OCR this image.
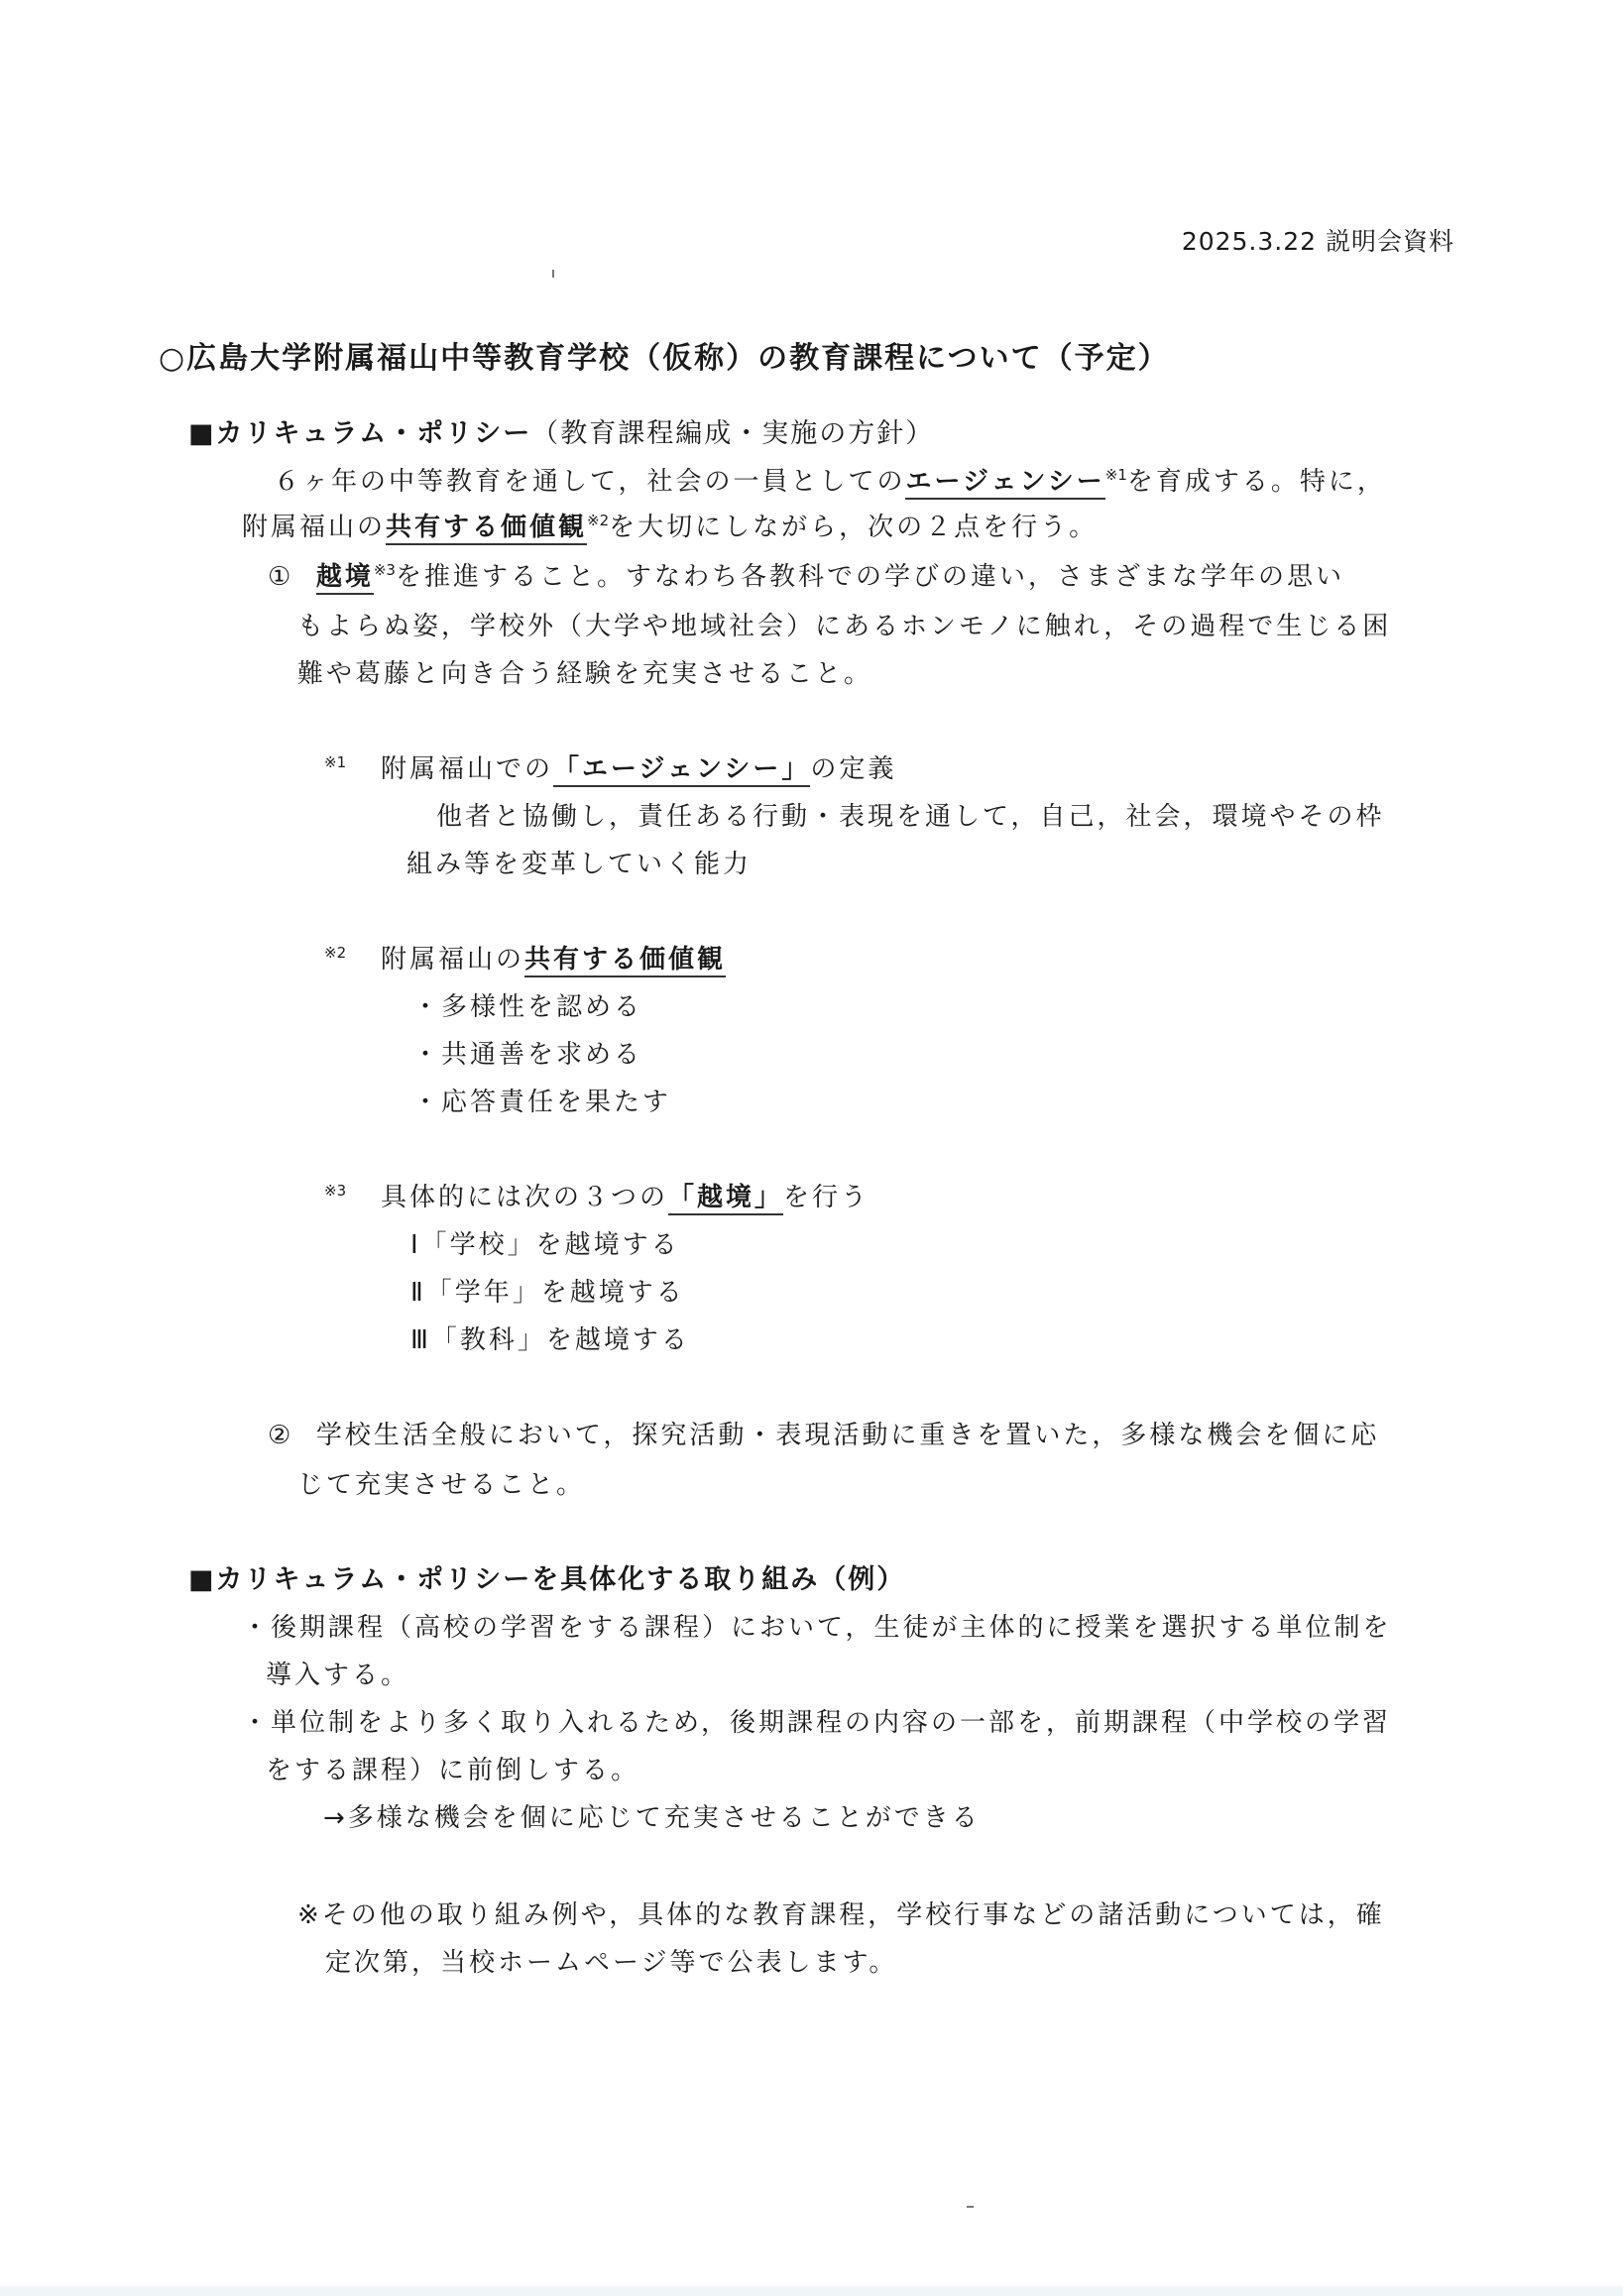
2025.3.22 説明会資料
○広島大学附属福山中等教育学校（仮称）の教育課程について（予定）
■カリキュラム・ポリシー（教育課程編成・実施の方針）
６ヶ年の中等教育を通して，社会の一員としてのエージェンシー$^{※1}$を育成する。特に，
附属福山の共有する価値観$^{※2}$を大切にしながら，次の２点を行う。
① 越境$^{※3}$を推進すること。すなわち各教科での学びの違い，さまざまな学年の思い
もよらぬ姿，学校外（大学や地域社会）にあるホンモノに触れ，その過程で生じる困
難や葛藤と向き合う経験を充実させること。
※1 附属福山での「エージェンシー」の定義
他者と協働し，責任ある行動・表現を通して，自己，社会，環境やその枠
組み等を変革していく能力
※2 附属福山の共有する価値観
・多様性を認める
・共通善を求める
・応答責任を果たす
※3 具体的には次の３つの「越境」を行う
Ⅰ「学校」を越境する
Ⅱ「学年」を越境する
Ⅲ「教科」を越境する
② 学校生活全般において，探究活動・表現活動に重きを置いた，多様な機会を個に応
じて充実させること。
■カリキュラム・ポリシーを具体化する取り組み（例）
・後期課程（高校の学習をする課程）において，生徒が主体的に授業を選択する単位制を
導入する。
・単位制をより多く取り入れるため，後期課程の内容の一部を，前期課程（中学校の学習
をする課程）に前倒しする。
→多様な機会を個に応じて充実させることができる
※その他の取り組み例や，具体的な教育課程，学校行事などの諸活動については，確
定次第，当校ホームページ等で公表します。
